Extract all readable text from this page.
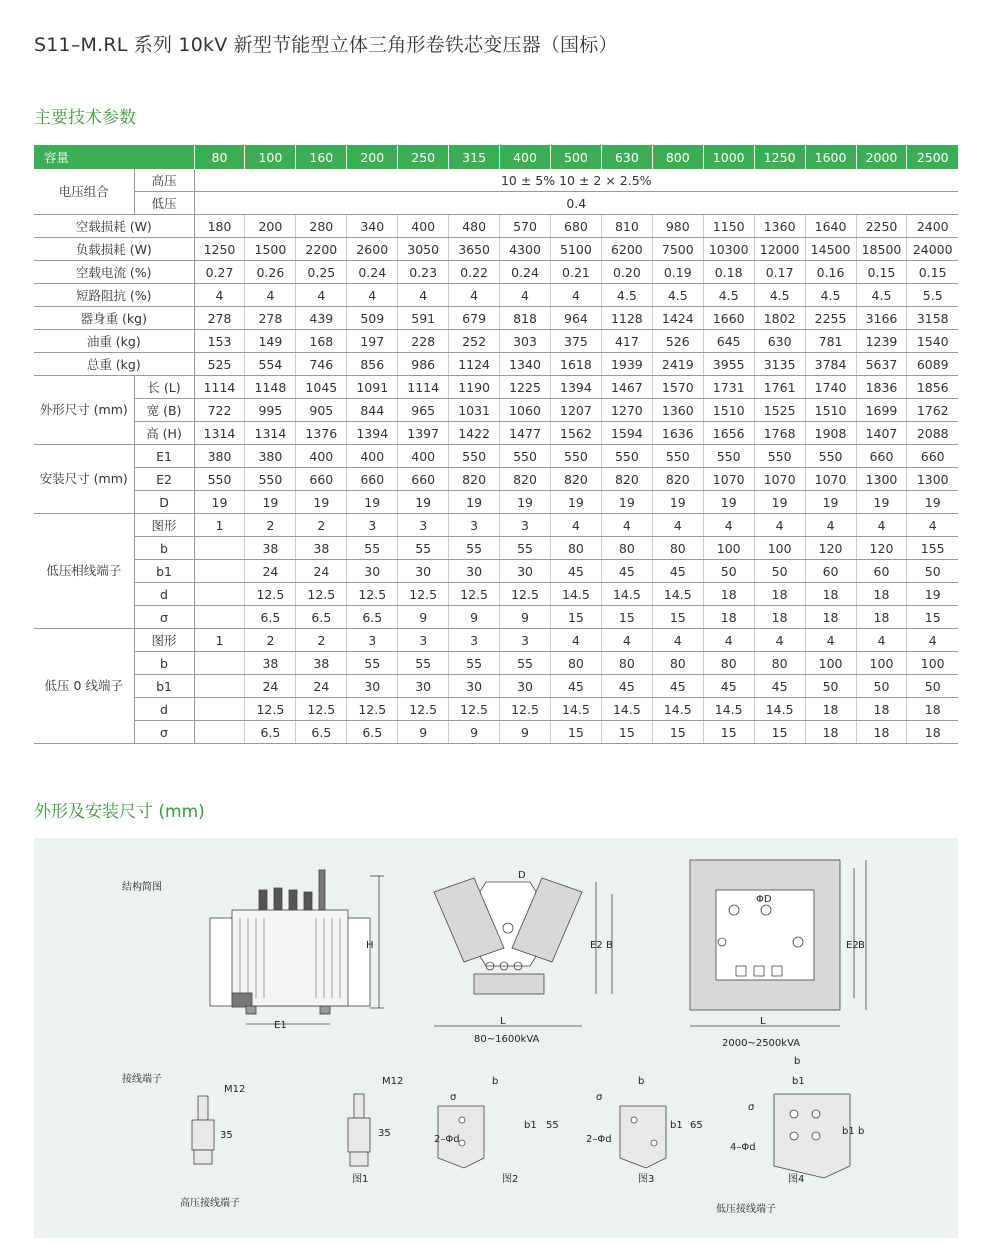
S11–M.RL 系列 10kV 新型节能型立体三角形卷铁芯变压器（国标）
主要技术参数
容量		80	100	160	200	250	315	400	500	630	800	1000	1250	1600	2000	2500
电压组合	高压	10 ± 5% 10 ± 2 × 2.5%														
	低压	0.4														
空载损耗 (W)		180	200	280	340	400	480	570	680	810	980	1150	1360	1640	2250	2400
负载损耗 (W)		1250	1500	2200	2600	3050	3650	4300	5100	6200	7500	10300	12000	14500	18500	24000
空载电流 (%)		0.27	0.26	0.25	0.24	0.23	0.22	0.24	0.21	0.20	0.19	0.18	0.17	0.16	0.15	0.15
短路阻抗 (%)		4	4	4	4	4	4	4	4	4.5	4.5	4.5	4.5	4.5	4.5	5.5
器身重 (kg)		278	278	439	509	591	679	818	964	1128	1424	1660	1802	2255	3166	3158
油重 (kg)		153	149	168	197	228	252	303	375	417	526	645	630	781	1239	1540
总重 (kg)		525	554	746	856	986	1124	1340	1618	1939	2419	3955	3135	3784	5637	6089
外形尺寸 (mm)	长 (L)	1114	1148	1045	1091	1114	1190	1225	1394	1467	1570	1731	1761	1740	1836	1856
	宽 (B)	722	995	905	844	965	1031	1060	1207	1270	1360	1510	1525	1510	1699	1762
	高 (H)	1314	1314	1376	1394	1397	1422	1477	1562	1594	1636	1656	1768	1908	1407	2088
安装尺寸 (mm)	E1	380	380	400	400	400	550	550	550	550	550	550	550	550	660	660
	E2	550	550	660	660	660	820	820	820	820	820	1070	1070	1070	1300	1300
	D	19	19	19	19	19	19	19	19	19	19	19	19	19	19	19
低压相线端子	图形	1	2	2	3	3	3	3	4	4	4	4	4	4	4	4
	b		38	38	55	55	55	55	80	80	80	100	100	120	120	155
	b1		24	24	30	30	30	30	45	45	45	50	50	60	60	50
	d		12.5	12.5	12.5	12.5	12.5	12.5	14.5	14.5	14.5	18	18	18	18	19
	σ		6.5	6.5	6.5	9	9	9	15	15	15	18	18	18	18	15
低压 0 线端子	图形	1	2	2	3	3	3	3	4	4	4	4	4	4	4	4
	b		38	38	55	55	55	55	80	80	80	80	80	100	100	100
	b1		24	24	30	30	30	30	45	45	45	45	45	50	50	50
	d		12.5	12.5	12.5	12.5	12.5	12.5	14.5	14.5	14.5	14.5	14.5	18	18	18
	σ		6.5	6.5	6.5	9	9	9	15	15	15	15	15	18	18	18
外形及安装尺寸 (mm)
结构简图
H
E1
D
L
E2 B
80~1600kVA
ΦD
L
E2 B
2000~2500kVA
接线端子
M12
35
M12
35
b
σ
b1 55
2–Φd
b
σ
b1 65
2–Φd
b
b1
σ
b1 b
4–Φd
图1	图2	图3	图4
高压接线端子
低压接线端子
